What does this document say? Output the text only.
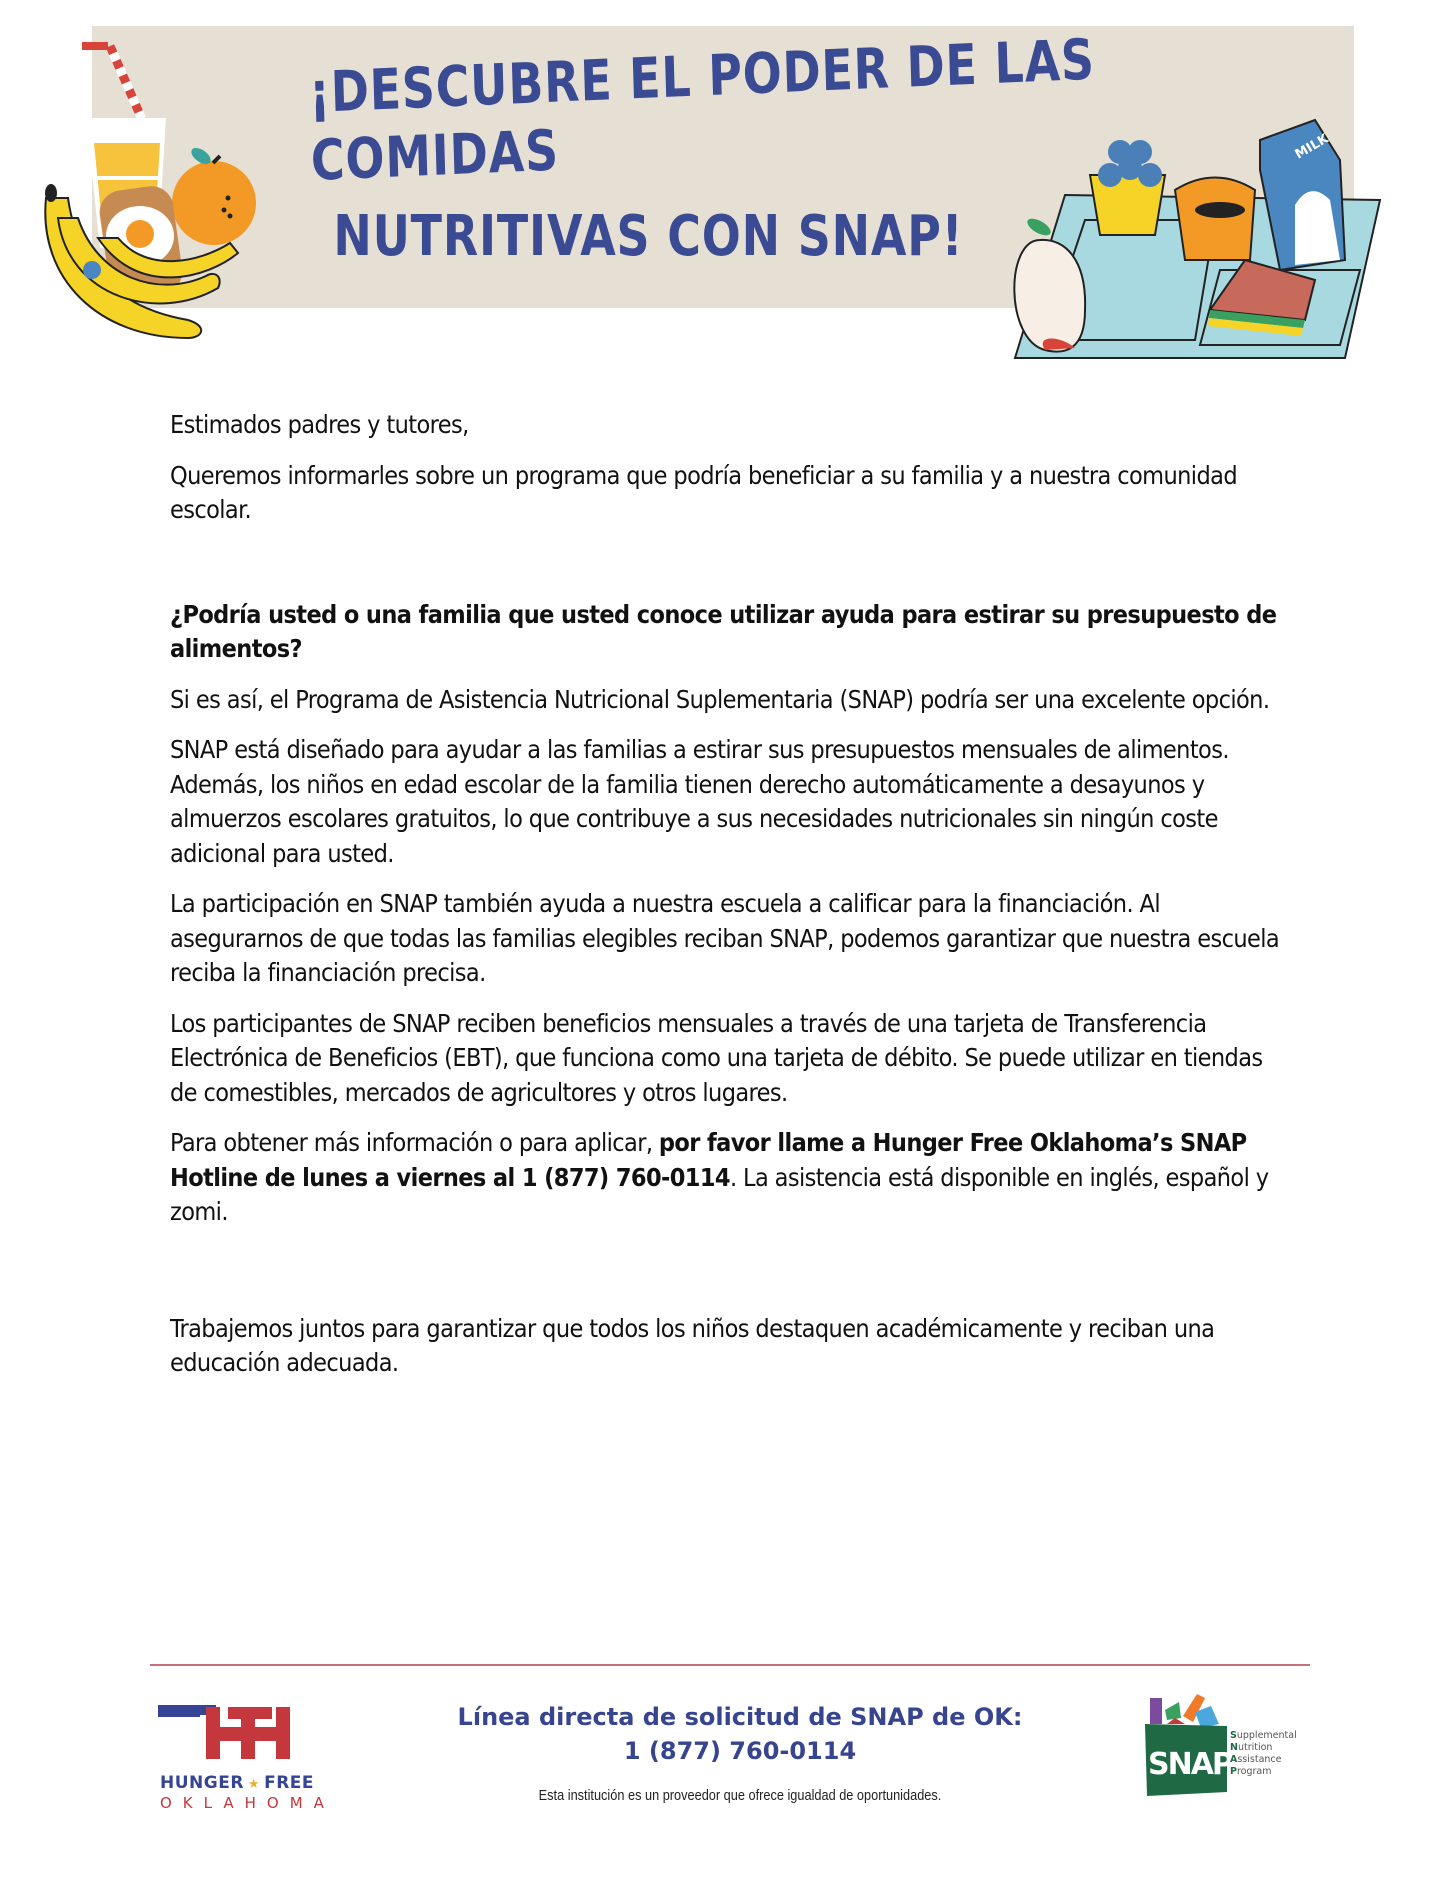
¡DESCUBRE EL PODER DE LAS COMIDAS
NUTRITIVAS CON SNAP!
MILK

Estimados padres y tutores,

Queremos informarles sobre un programa que podría beneficiar a su familia y a nuestra comunidad escolar.

¿Podría usted o una familia que usted conoce utilizar ayuda para estirar su presupuesto de alimentos?

Si es así, el Programa de Asistencia Nutricional Suplementaria (SNAP) podría ser una excelente opción.

SNAP está diseñado para ayudar a las familias a estirar sus presupuestos mensuales de alimentos. Además, los niños en edad escolar de la familia tienen derecho automáticamente a desayunos y almuerzos escolares gratuitos, lo que contribuye a sus necesidades nutricionales sin ningún coste adicional para usted.

La participación en SNAP también ayuda a nuestra escuela a calificar para la financiación. Al asegurarnos de que todas las familias elegibles reciban SNAP, podemos garantizar que nuestra escuela reciba la financiación precisa.

Los participantes de SNAP reciben beneficios mensuales a través de una tarjeta de Transferencia Electrónica de Beneficios (EBT), que funciona como una tarjeta de débito. Se puede utilizar en tiendas de comestibles, mercados de agricultores y otros lugares.

Para obtener más información o para aplicar, por favor llame a Hunger Free Oklahoma’s SNAP Hotline de lunes a viernes al 1 (877) 760-0114. La asistencia está disponible en inglés, español y zomi.

Trabajemos juntos para garantizar que todos los niños destaquen académicamente y reciban una educación adecuada.

HUNGER ★ FREE
OKLAHOMA
Línea directa de solicitud de SNAP de OK:
1 (877) 760-0114
Esta institución es un proveedor que ofrece igualdad de oportunidades.
SNAP
Supplemental
Nutrition
Assistance
Program
